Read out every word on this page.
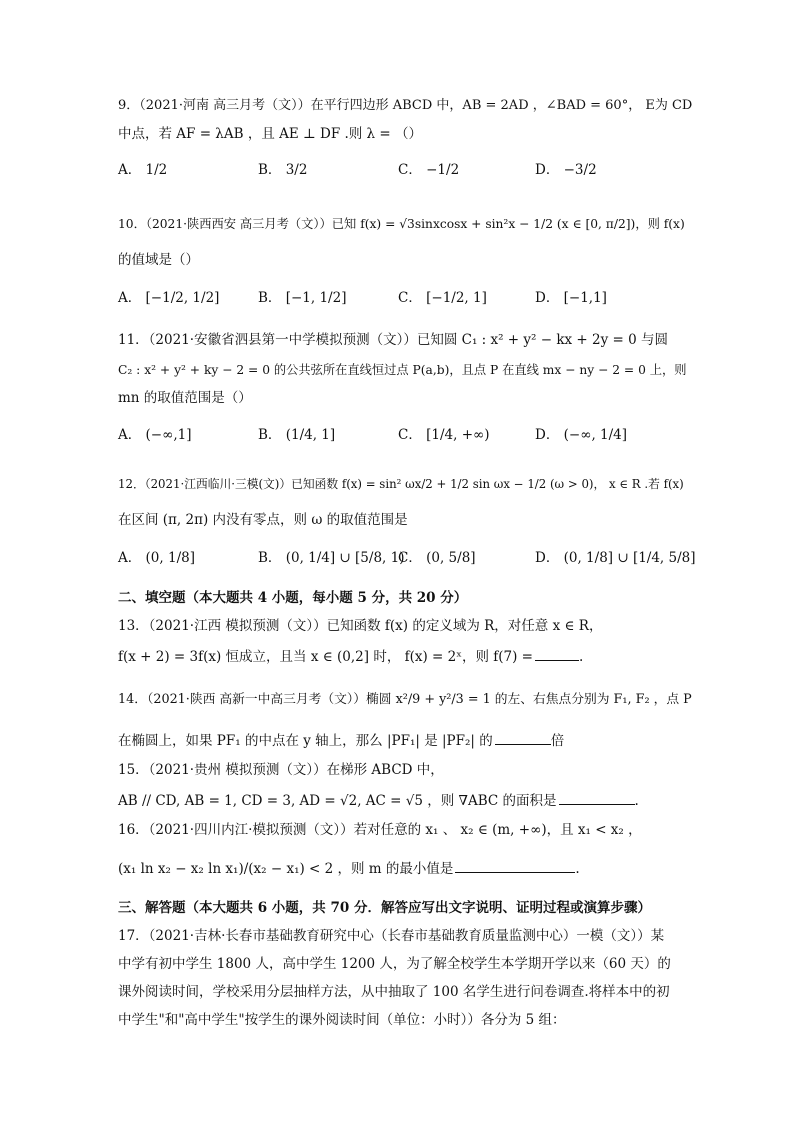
9．（2021·河南 高三月考（文））在平行四边形 ABCD 中，AB = 2AD ，∠BAD = 60°， E为 CD
中点，若 AF = λAB ，且 AE ⊥ DF .则 λ = （）
A． 1/2	B． 3/2	C． −1/2	D． −3/2
10．（2021·陕西西安 高三月考（文））已知 f(x) = √3sinxcosx + sin²x − 1/2 (x ∈ [0, π/2])，则 f(x)
的值域是（）
A． [−1/2, 1/2]	B． [−1, 1/2]	C． [−1/2, 1]	D． [−1,1]
11．（2021·安徽省泗县第一中学模拟预测（文））已知圆 C₁ : x² + y² − kx + 2y = 0 与圆
C₂ : x² + y² + ky − 2 = 0 的公共弦所在直线恒过点 P(a,b)，且点 P 在直线 mx − ny − 2 = 0 上，则
mn 的取值范围是（）
A． (−∞,1]	B． (1/4, 1]	C． [1/4, +∞)	D． (−∞, 1/4]
12．（2021·江西临川·三模(文)）已知函数 f(x) = sin² ωx/2 + 1/2 sin ωx − 1/2 (ω > 0)， x ∈ R .若 f(x)
在区间 (π, 2π) 内没有零点，则 ω 的取值范围是
A． (0, 1/8]	B． (0, 1/4] ∪ [5/8, 1)
C． (0, 5/8]	D． (0, 1/8] ∪ [1/4, 5/8]
二、填空题（本大题共 4 小题，每小题 5 分，共 20 分）
13．（2021·江西 模拟预测（文））已知函数 f(x) 的定义域为 R，对任意 x ∈ R，
f(x + 2) = 3f(x) 恒成立，且当 x ∈ (0,2] 时， f(x) = 2ˣ，则 f(7) =	.
14．（2021·陕西 高新一中高三月考（文））椭圆 x²/9 + y²/3 = 1 的左、右焦点分别为 F₁, F₂ ，点 P
在椭圆上，如果 PF₁ 的中点在 y 轴上，那么 |PF₁| 是 |PF₂| 的	倍
15．（2021·贵州 模拟预测（文））在梯形 ABCD 中，
AB // CD, AB = 1, CD = 3, AD = √2, AC = √5 ，则 ∇ABC 的面积是	.
16．（2021·四川内江·模拟预测（文））若对任意的 x₁ 、 x₂ ∈ (m, +∞)，且 x₁ < x₂ ，
(x₁ ln x₂ − x₂ ln x₁)/(x₂ − x₁) < 2 ，则 m 的最小值是	.
三、解答题（本大题共 6 小题，共 70 分．解答应写出文字说明、证明过程或演算步骤）
17．（2021·吉林·长春市基础教育研究中心（长春市基础教育质量监测中心）一模（文））某
中学有初中学生 1800 人，高中学生 1200 人，为了解全校学生本学期开学以来（60 天）的
课外阅读时间，学校采用分层抽样方法，从中抽取了 100 名学生进行问卷调查.将样本中的初
中学生"和"高中学生"按学生的课外阅读时间（单位：小时））各分为 5 组：
